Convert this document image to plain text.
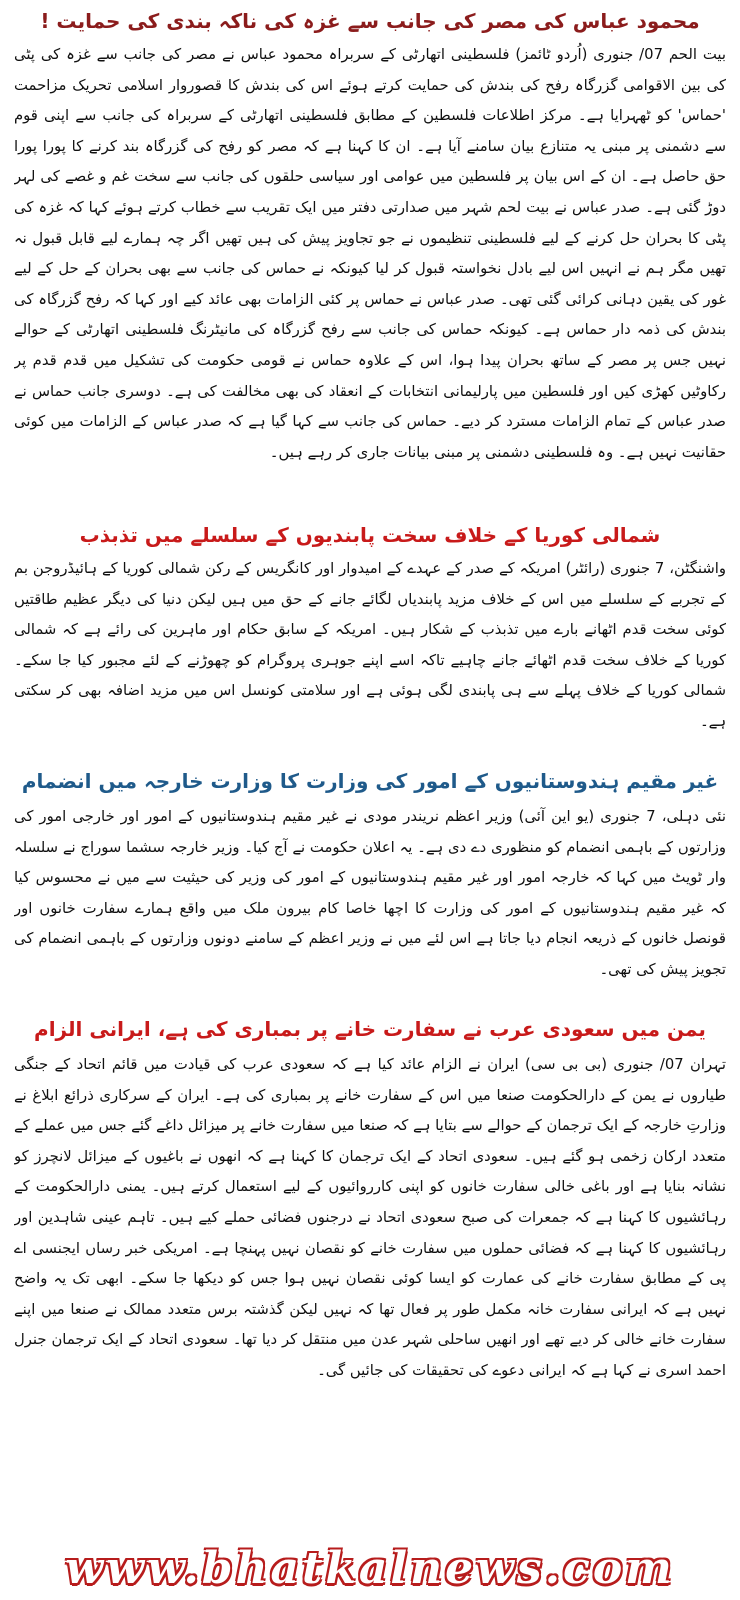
محمود عباس کی مصر کی جانب سے غزہ کی ناکہ بندی کی حمایت !

بیت الحم 07/ جنوری (اُردو ٹائمز) فلسطینی اتھارٹی کے سربراہ محمود عباس نے مصر کی جانب سے غزہ کی پٹی کی بین الاقوامی گزرگاہ رفح کی بندش کی حمایت کرتے ہوئے اس کی بندش کا قصوروار اسلامی تحریک مزاحمت 'حماس' کو ٹھہرایا ہے۔ مرکز اطلاعات فلسطین کے مطابق فلسطینی اتھارٹی کے سربراہ کی جانب سے اپنی قوم سے دشمنی پر مبنی یہ متنازع بیان سامنے آیا ہے۔ ان کا کہنا ہے کہ مصر کو رفح کی گزرگاہ بند کرنے کا پورا پورا حق حاصل ہے۔ ان کے اس بیان پر فلسطین میں عوامی اور سیاسی حلقوں کی جانب سے سخت غم و غصے کی لہر دوڑ گئی ہے۔ صدر عباس نے بیت لحم شہر میں صدارتی دفتر میں ایک تقریب سے خطاب کرتے ہوئے کہا کہ غزہ کی پٹی کا بحران حل کرنے کے لیے فلسطینی تنظیموں نے جو تجاویز پیش کی ہیں تھیں اگر چہ ہمارے لیے قابل قبول نہ تھیں مگر ہم نے انہیں اس لیے بادل نخواستہ قبول کر لیا کیونکہ نے حماس کی جانب سے بھی بحران کے حل کے لیے غور کی یقین دہانی کرائی گئی تھی۔ صدر عباس نے حماس پر کئی الزامات بھی عائد کیے اور کہا کہ رفح گزرگاہ کی بندش کی ذمہ دار حماس ہے۔ کیونکہ حماس کی جانب سے رفح گزرگاہ کی مانیٹرنگ فلسطینی اتھارٹی کے حوالے نہیں جس پر مصر کے ساتھ بحران پیدا ہوا، اس کے علاوہ حماس نے قومی حکومت کی تشکیل میں قدم قدم پر رکاوٹیں کھڑی کیں اور فلسطین میں پارلیمانی انتخابات کے انعقاد کی بھی مخالفت کی ہے۔ دوسری جانب حماس نے صدر عباس کے تمام الزامات مسترد کر دیے۔ حماس کی جانب سے کہا گیا ہے کہ صدر عباس کے الزامات میں کوئی حقانیت نہیں ہے۔ وہ فلسطینی دشمنی پر مبنی بیانات جاری کر رہے ہیں۔

شمالی کوریا کے خلاف سخت پابندیوں کے سلسلے میں تذبذب

واشنگٹن، 7 جنوری (رائٹر) امریکہ کے صدر کے عہدے کے امیدوار اور کانگریس کے رکن شمالی کوریا کے ہائیڈروجن بم کے تجربے کے سلسلے میں اس کے خلاف مزید پابندیاں لگائے جانے کے حق میں ہیں لیکن دنیا کی دیگر عظیم طاقتیں کوئی سخت قدم اٹھانے بارے میں تذبذب کے شکار ہیں۔ امریکہ کے سابق حکام اور ماہرین کی رائے ہے کہ شمالی کوریا کے خلاف سخت قدم اٹھائے جانے چاہیے تاکہ اسے اپنے جوہری پروگرام کو چھوڑنے کے لئے مجبور کیا جا سکے۔ شمالی کوریا کے خلاف پہلے سے ہی پابندی لگی ہوئی ہے اور سلامتی کونسل اس میں مزید اضافہ بھی کر سکتی ہے۔

غیر مقیم ہندوستانیوں کے امور کی وزارت کا وزارت خارجہ میں انضمام

نئی دہلی، 7 جنوری (یو این آئی) وزیر اعظم نریندر مودی نے غیر مقیم ہندوستانیوں کے امور اور خارجی امور کی وزارتوں کے باہمی انضمام کو منظوری دے دی ہے۔ یہ اعلان حکومت نے آج کیا۔ وزیر خارجہ سشما سوراج نے سلسلہ وار ٹویٹ میں کہا کہ خارجہ امور اور غیر مقیم ہندوستانیوں کے امور کی وزیر کی حیثیت سے میں نے محسوس کیا کہ غیر مقیم ہندوستانیوں کے امور کی وزارت کا اچھا خاصا کام بیرون ملک میں واقع ہمارے سفارت خانوں اور قونصل خانوں کے ذریعہ انجام دیا جاتا ہے اس لئے میں نے وزیر اعظم کے سامنے دونوں وزارتوں کے باہمی انضمام کی تجویز پیش کی تھی۔

یمن میں سعودی عرب نے سفارت خانے پر بمباری کی ہے، ایرانی الزام

تہران 07/ جنوری (بی بی سی) ایران نے الزام عائد کیا ہے کہ سعودی عرب کی قیادت میں قائم اتحاد کے جنگی طیاروں نے یمن کے دارالحکومت صنعا میں اس کے سفارت خانے پر بمباری کی ہے۔ ایران کے سرکاری ذرائع ابلاغ نے وزارتِ خارجہ کے ایک ترجمان کے حوالے سے بتایا ہے کہ صنعا میں سفارت خانے پر میزائل داغے گئے جس میں عملے کے متعدد ارکان زخمی ہو گئے ہیں۔ سعودی اتحاد کے ایک ترجمان کا کہنا ہے کہ انھوں نے باغیوں کے میزائل لانچرز کو نشانہ بنایا ہے اور باغی خالی سفارت خانوں کو اپنی کارروائیوں کے لیے استعمال کرتے ہیں۔ یمنی دارالحکومت کے رہائشیوں کا کہنا ہے کہ جمعرات کی صبح سعودی اتحاد نے درجنوں فضائی حملے کیے ہیں۔ تاہم عینی شاہدین اور رہائشیوں کا کہنا ہے کہ فضائی حملوں میں سفارت خانے کو نقصان نہیں پہنچا ہے۔ امریکی خبر رساں ایجنسی اے پی کے مطابق سفارت خانے کی عمارت کو ایسا کوئی نقصان نہیں ہوا جس کو دیکھا جا سکے۔ ابھی تک یہ واضح نہیں ہے کہ ایرانی سفارت خانہ مکمل طور پر فعال تھا کہ نہیں لیکن گذشتہ برس متعدد ممالک نے صنعا میں اپنے سفارت خانے خالی کر دیے تھے اور انھیں ساحلی شہر عدن میں منتقل کر دیا تھا۔ سعودی اتحاد کے ایک ترجمان جنرل احمد اسری نے کہا ہے کہ ایرانی دعوے کی تحقیقات کی جائیں گی۔

www.bhatkalnews.com
